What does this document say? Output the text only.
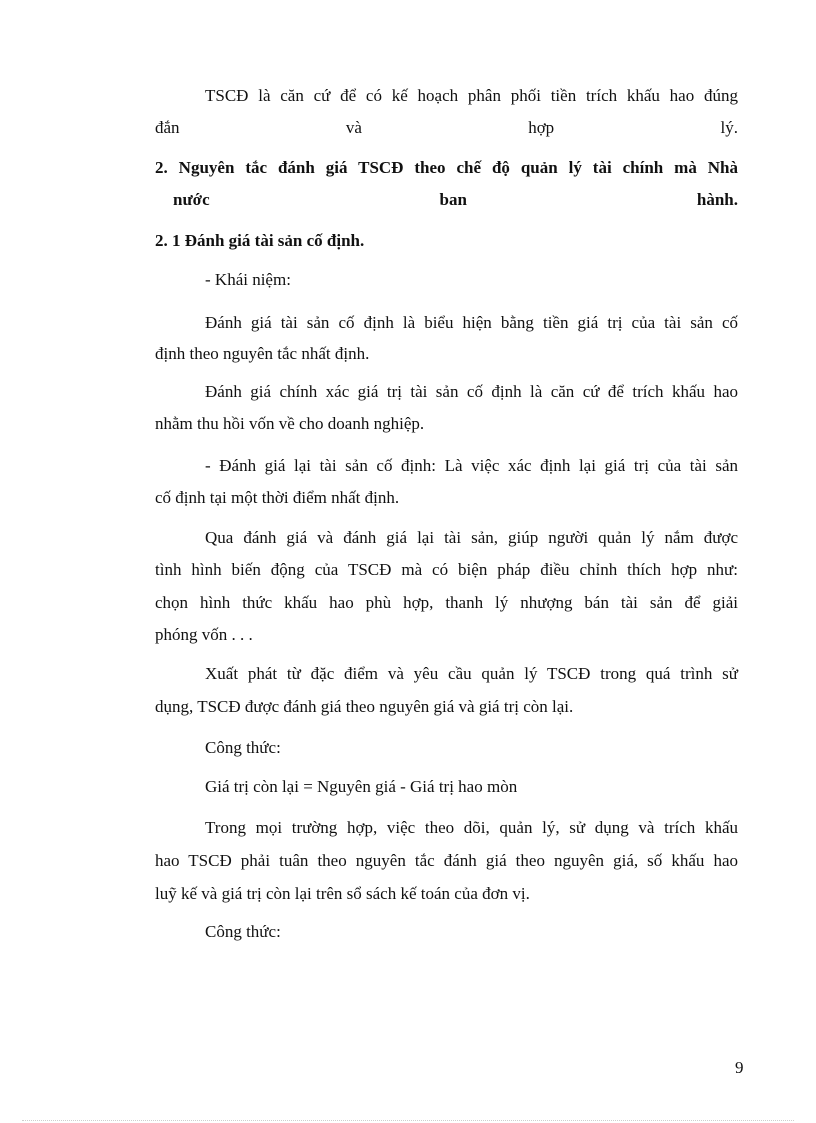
TSCĐ là căn cứ để có kế hoạch phân phối tiền trích khấu hao đúng
đắn	và	hợp	lý.
2. Nguyên tắc đánh giá TSCĐ theo chế độ quản lý tài chính mà Nhà
nước	ban	hành.
2. 1 Đánh giá tài sản cố định.
- Khái niệm:
Đánh giá tài sản cố định là biểu hiện bằng tiền giá trị của tài sản cố
định theo nguyên tắc nhất định.
Đánh giá chính xác giá trị tài sản cố định là căn cứ để trích khấu hao
nhằm thu hồi vốn về cho doanh nghiệp.
- Đánh giá lại tài sản cố định: Là việc xác định lại giá trị của tài sản
cố định tại một thời điểm nhất định.
Qua đánh giá và đánh giá lại tài sản, giúp người quản lý nắm được
tình hình biến động của TSCĐ mà có biện pháp điều chỉnh thích hợp như:
chọn hình thức khấu hao phù hợp, thanh lý nhượng bán tài sản để giải
phóng vốn . . .
Xuất phát từ đặc điểm và yêu cầu quản lý TSCĐ trong quá trình sử
dụng, TSCĐ được đánh giá theo nguyên giá và giá trị còn lại.
Công thức:
Giá trị còn lại = Nguyên giá - Giá trị hao mòn
Trong mọi trường hợp, việc theo dõi, quản lý, sử dụng và trích khấu
hao TSCĐ phải tuân theo nguyên tắc đánh giá theo nguyên giá, số khấu hao
luỹ kế và giá trị còn lại trên sổ sách kế toán của đơn vị.
Công thức:
9
